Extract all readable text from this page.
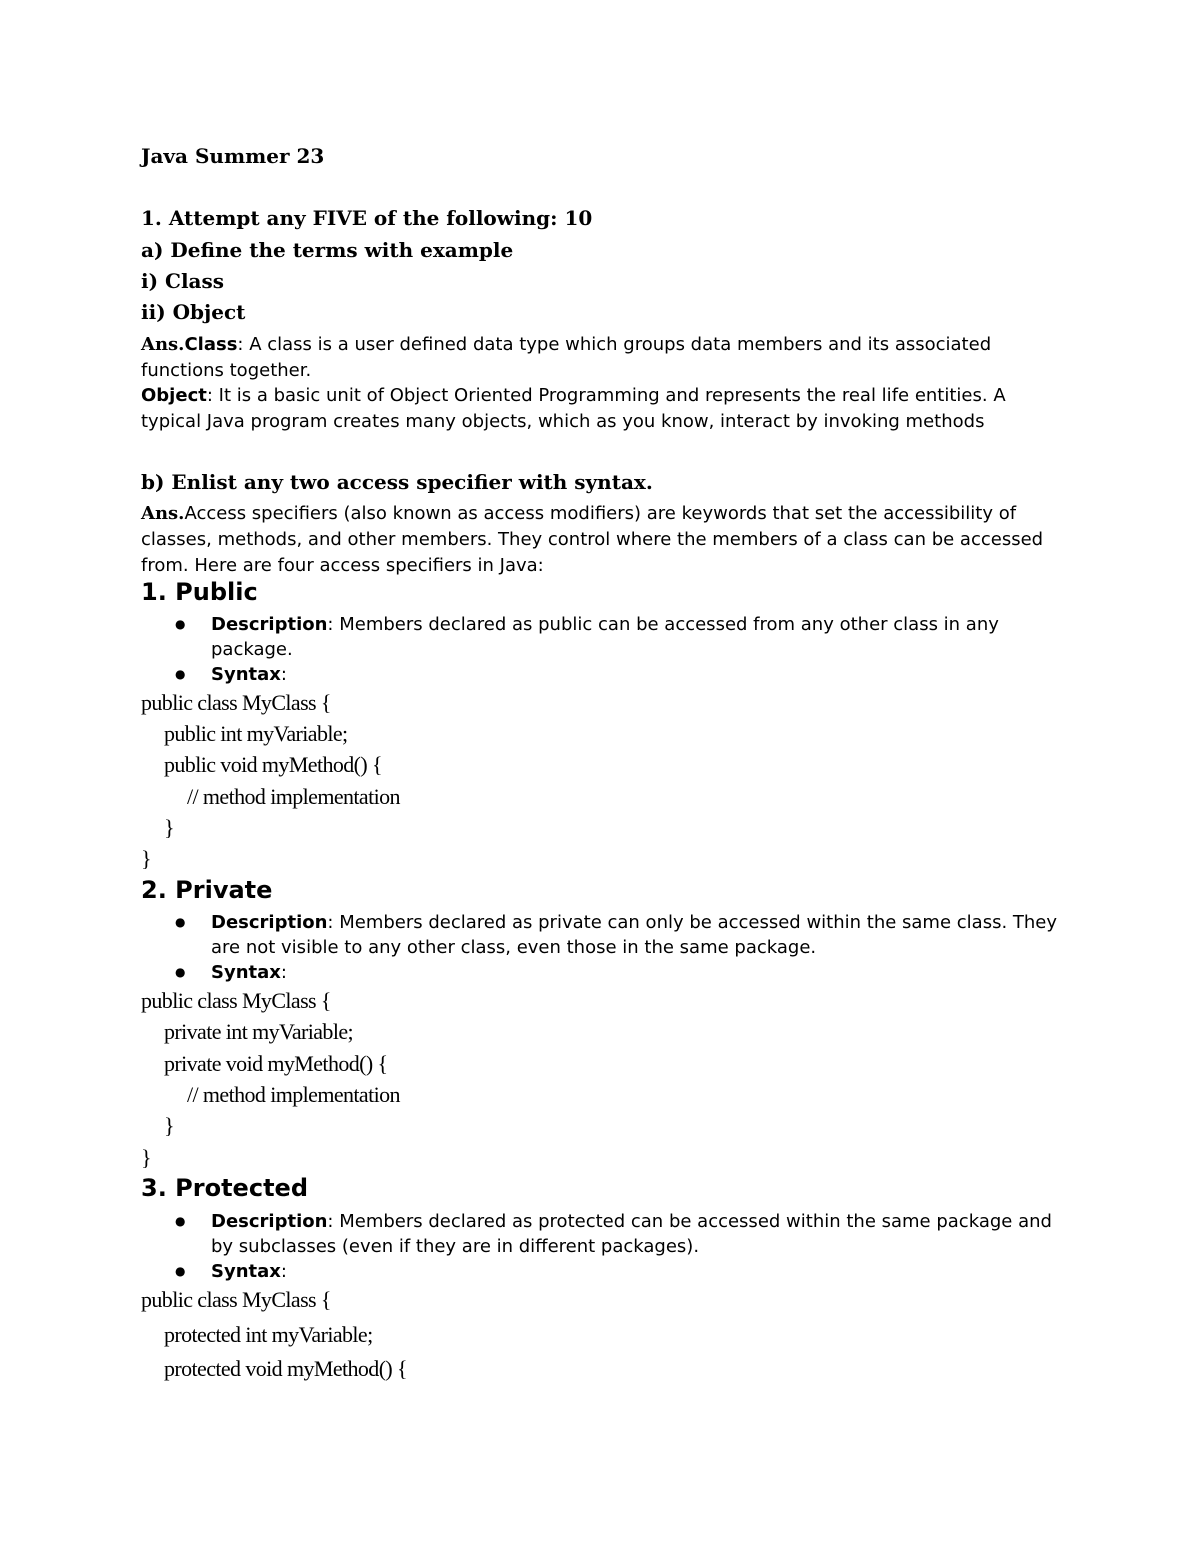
Java Summer 23
1. Attempt any FIVE of the following: 10
a) Define the terms with example
i) Class
ii) Object
Ans.Class: A class is a user defined data type which groups data members and its associated functions together.
Object: It is a basic unit of Object Oriented Programming and represents the real life entities. A typical Java program creates many objects, which as you know, interact by invoking methods
b) Enlist any two access specifier with syntax.
Ans.Access specifiers (also known as access modifiers) are keywords that set the accessibility of classes, methods, and other members. They control where the members of a class can be accessed from. Here are four access specifiers in Java:
1. Public
● Description: Members declared as public can be accessed from any other class in any package.
● Syntax:
public class MyClass {
public int myVariable;
public void myMethod() {
// method implementation
}
}
2. Private
● Description: Members declared as private can only be accessed within the same class. They are not visible to any other class, even those in the same package.
● Syntax:
public class MyClass {
private int myVariable;
private void myMethod() {
// method implementation
}
}
3. Protected
● Description: Members declared as protected can be accessed within the same package and by subclasses (even if they are in different packages).
● Syntax:
public class MyClass {
protected int myVariable;
protected void myMethod() {
